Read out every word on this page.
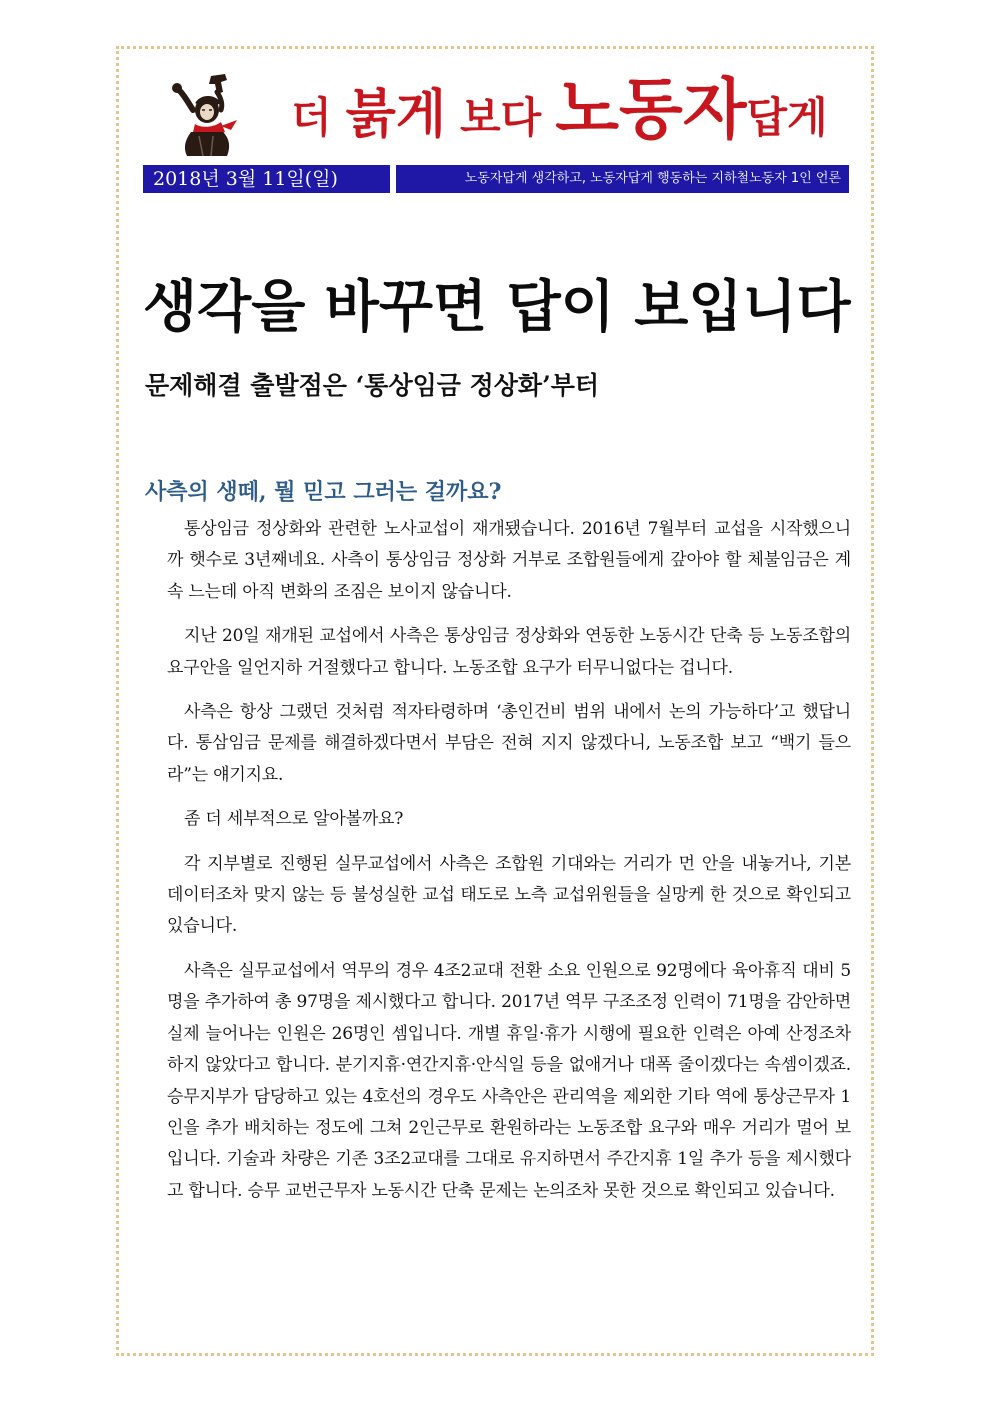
더 붉게 보다 노동자답게
2018년 3월 11일(일)	노동자답게 생각하고, 노동자답게 행동하는 지하철노동자 1인 언론
생각을 바꾸면 답이 보입니다
문제해결 출발점은 ‘통상임금 정상화’부터
사측의 생떼, 뭘 믿고 그러는 걸까요?

통상임금 정상화와 관련한 노사교섭이 재개됐습니다. 2016년 7월부터 교섭을 시작했으니까 햇수로 3년째네요. 사측이 통상임금 정상화 거부로 조합원들에게 갚아야 할 체불임금은 계속 느는데 아직 변화의 조짐은 보이지 않습니다.

지난 20일 재개된 교섭에서 사측은 통상임금 정상화와 연동한 노동시간 단축 등 노동조합의 요구안을 일언지하 거절했다고 합니다. 노동조합 요구가 터무니없다는 겁니다.

사측은 항상 그랬던 것처럼 적자타령하며 ‘총인건비 범위 내에서 논의 가능하다’고 했답니다. 통삼임금 문제를 해결하겠다면서 부담은 전혀 지지 않겠다니, 노동조합 보고 “백기 들으라”는 얘기지요.

좀 더 세부적으로 알아볼까요?

각 지부별로 진행된 실무교섭에서 사측은 조합원 기대와는 거리가 먼 안을 내놓거나, 기본 데이터조차 맞지 않는 등 불성실한 교섭 태도로 노측 교섭위원들을 실망케 한 것으로 확인되고 있습니다.

사측은 실무교섭에서 역무의 경우 4조2교대 전환 소요 인원으로 92명에다 육아휴직 대비 5명을 추가하여 총 97명을 제시했다고 합니다. 2017년 역무 구조조정 인력이 71명을 감안하면 실제 늘어나는 인원은 26명인 셈입니다. 개별 휴일·휴가 시행에 필요한 인력은 아예 산정조차 하지 않았다고 합니다. 분기지휴·연간지휴·안식일 등을 없애거나 대폭 줄이겠다는 속셈이겠죠. 승무지부가 담당하고 있는 4호선의 경우도 사측안은 관리역을 제외한 기타 역에 통상근무자 1인을 추가 배치하는 정도에 그쳐 2인근무로 환원하라는 노동조합 요구와 매우 거리가 멀어 보입니다. 기술과 차량은 기존 3조2교대를 그대로 유지하면서 주간지휴 1일 추가 등을 제시했다고 합니다. 승무 교번근무자 노동시간 단축 문제는 논의조차 못한 것으로 확인되고 있습니다.
